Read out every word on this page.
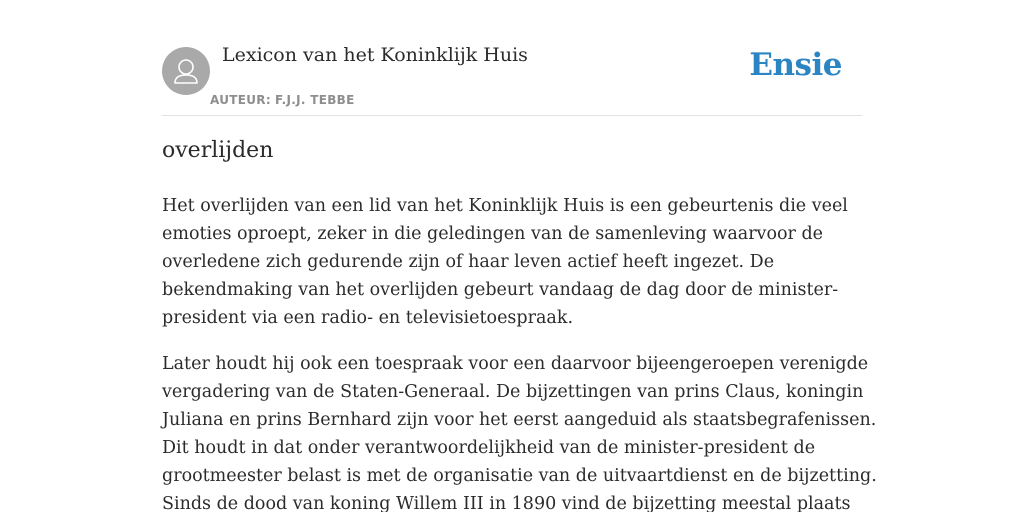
Lexicon van het Koninklijk Huis
AUTEUR: F.J.J. TEBBE
Ensie
overlijden

Het overlijden van een lid van het Koninklijk Huis is een gebeurtenis die veel
emoties oproept, zeker in die geledingen van de samenleving waarvoor de
overledene zich gedurende zijn of haar leven actief heeft ingezet. De
bekendmaking van het overlijden gebeurt vandaag de dag door de minister-
president via een radio- en televisietoespraak.

Later houdt hij ook een toespraak voor een daarvoor bijeengeroepen verenigde
vergadering van de Staten-Generaal. De bijzettingen van prins Claus, koningin
Juliana en prins Bernhard zijn voor het eerst aangeduid als staatsbegrafenissen.
Dit houdt in dat onder verantwoordelijkheid van de minister-president de
grootmeester belast is met de organisatie van de uitvaartdienst en de bijzetting.
Sinds de dood van koning Willem III in 1890 vind de bijzetting meestal plaats
